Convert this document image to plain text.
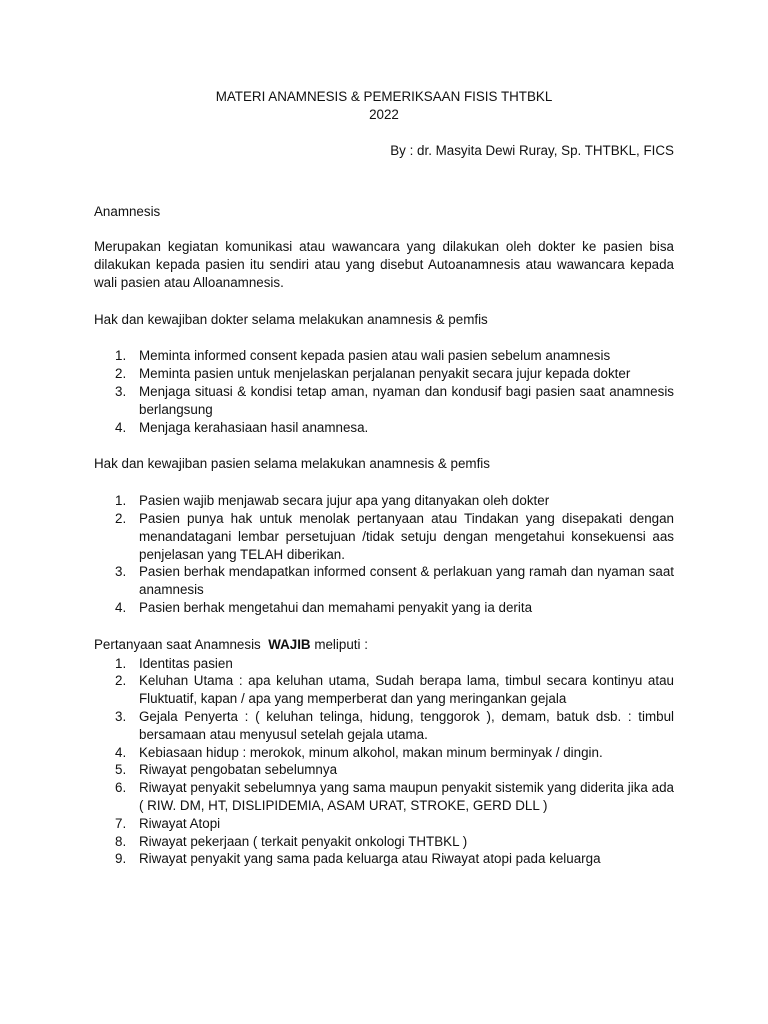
MATERI ANAMNESIS & PEMERIKSAAN FISIS THTBKL

2022

By : dr. Masyita Dewi Ruray, Sp. THTBKL, FICS
Anamnesis
Merupakan kegiatan komunikasi atau wawancara yang dilakukan oleh dokter ke pasien bisa dilakukan kepada pasien itu sendiri atau yang disebut Autoanamnesis atau wawancara kepada wali pasien atau Alloanamnesis.
Hak dan kewajiban dokter selama melakukan anamnesis & pemfis
1. Meminta informed consent kepada pasien atau wali pasien sebelum anamnesis
2. Meminta pasien untuk menjelaskan perjalanan penyakit secara jujur kepada dokter
3. Menjaga situasi & kondisi tetap aman, nyaman dan kondusif bagi pasien saat anamnesis berlangsung
4. Menjaga kerahasiaan hasil anamnesa.
Hak dan kewajiban pasien selama melakukan anamnesis & pemfis
1. Pasien wajib menjawab secara jujur apa yang ditanyakan oleh dokter
2. Pasien punya hak untuk menolak pertanyaan atau Tindakan yang disepakati dengan menandatagani lembar persetujuan /tidak setuju dengan mengetahui konsekuensi aas penjelasan yang TELAH diberikan.
3. Pasien berhak mendapatkan informed consent & perlakuan yang ramah dan nyaman saat anamnesis
4. Pasien berhak mengetahui dan memahami penyakit yang ia derita
Pertanyaan saat Anamnesis  WAJIB meliputi :
1. Identitas pasien
2. Keluhan Utama : apa keluhan utama, Sudah berapa lama, timbul secara kontinyu atau Fluktuatif, kapan / apa yang memperberat dan yang meringankan gejala
3. Gejala Penyerta : ( keluhan telinga, hidung, tenggorok ), demam, batuk dsb. : timbul bersamaan atau menyusul setelah gejala utama.
4. Kebiasaan hidup : merokok, minum alkohol, makan minum berminyak / dingin.
5. Riwayat pengobatan sebelumnya
6. Riwayat penyakit sebelumnya yang sama maupun penyakit sistemik yang diderita jika ada ( RIW. DM, HT, DISLIPIDEMIA, ASAM URAT, STROKE, GERD DLL )
7. Riwayat Atopi
8. Riwayat pekerjaan ( terkait penyakit onkologi THTBKL )
9. Riwayat penyakit yang sama pada keluarga atau Riwayat atopi pada keluarga
